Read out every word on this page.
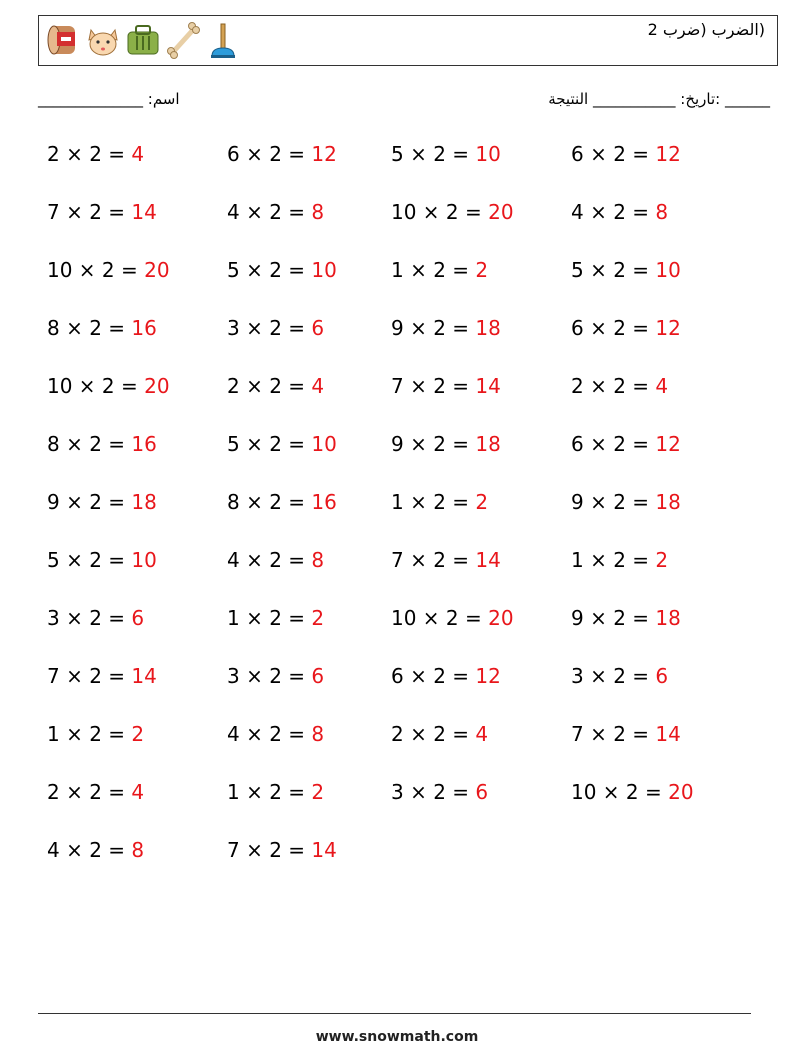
(الضرب (ضرب 2
اسم: ______________	______ :تاريخ: ___________ النتيجة
2 × 2 = 4
7 × 2 = 14
10 × 2 = 20
8 × 2 = 16
10 × 2 = 20
8 × 2 = 16
9 × 2 = 18
5 × 2 = 10
3 × 2 = 6
7 × 2 = 14
1 × 2 = 2
2 × 2 = 4
4 × 2 = 8
6 × 2 = 12
4 × 2 = 8
5 × 2 = 10
3 × 2 = 6
2 × 2 = 4
5 × 2 = 10
8 × 2 = 16
4 × 2 = 8
1 × 2 = 2
3 × 2 = 6
4 × 2 = 8
1 × 2 = 2
7 × 2 = 14
5 × 2 = 10
10 × 2 = 20
1 × 2 = 2
9 × 2 = 18
7 × 2 = 14
9 × 2 = 18
1 × 2 = 2
7 × 2 = 14
10 × 2 = 20
6 × 2 = 12
2 × 2 = 4
3 × 2 = 6
6 × 2 = 12
4 × 2 = 8
5 × 2 = 10
6 × 2 = 12
2 × 2 = 4
6 × 2 = 12
9 × 2 = 18
1 × 2 = 2
9 × 2 = 18
3 × 2 = 6
7 × 2 = 14
10 × 2 = 20
www.snowmath.com
